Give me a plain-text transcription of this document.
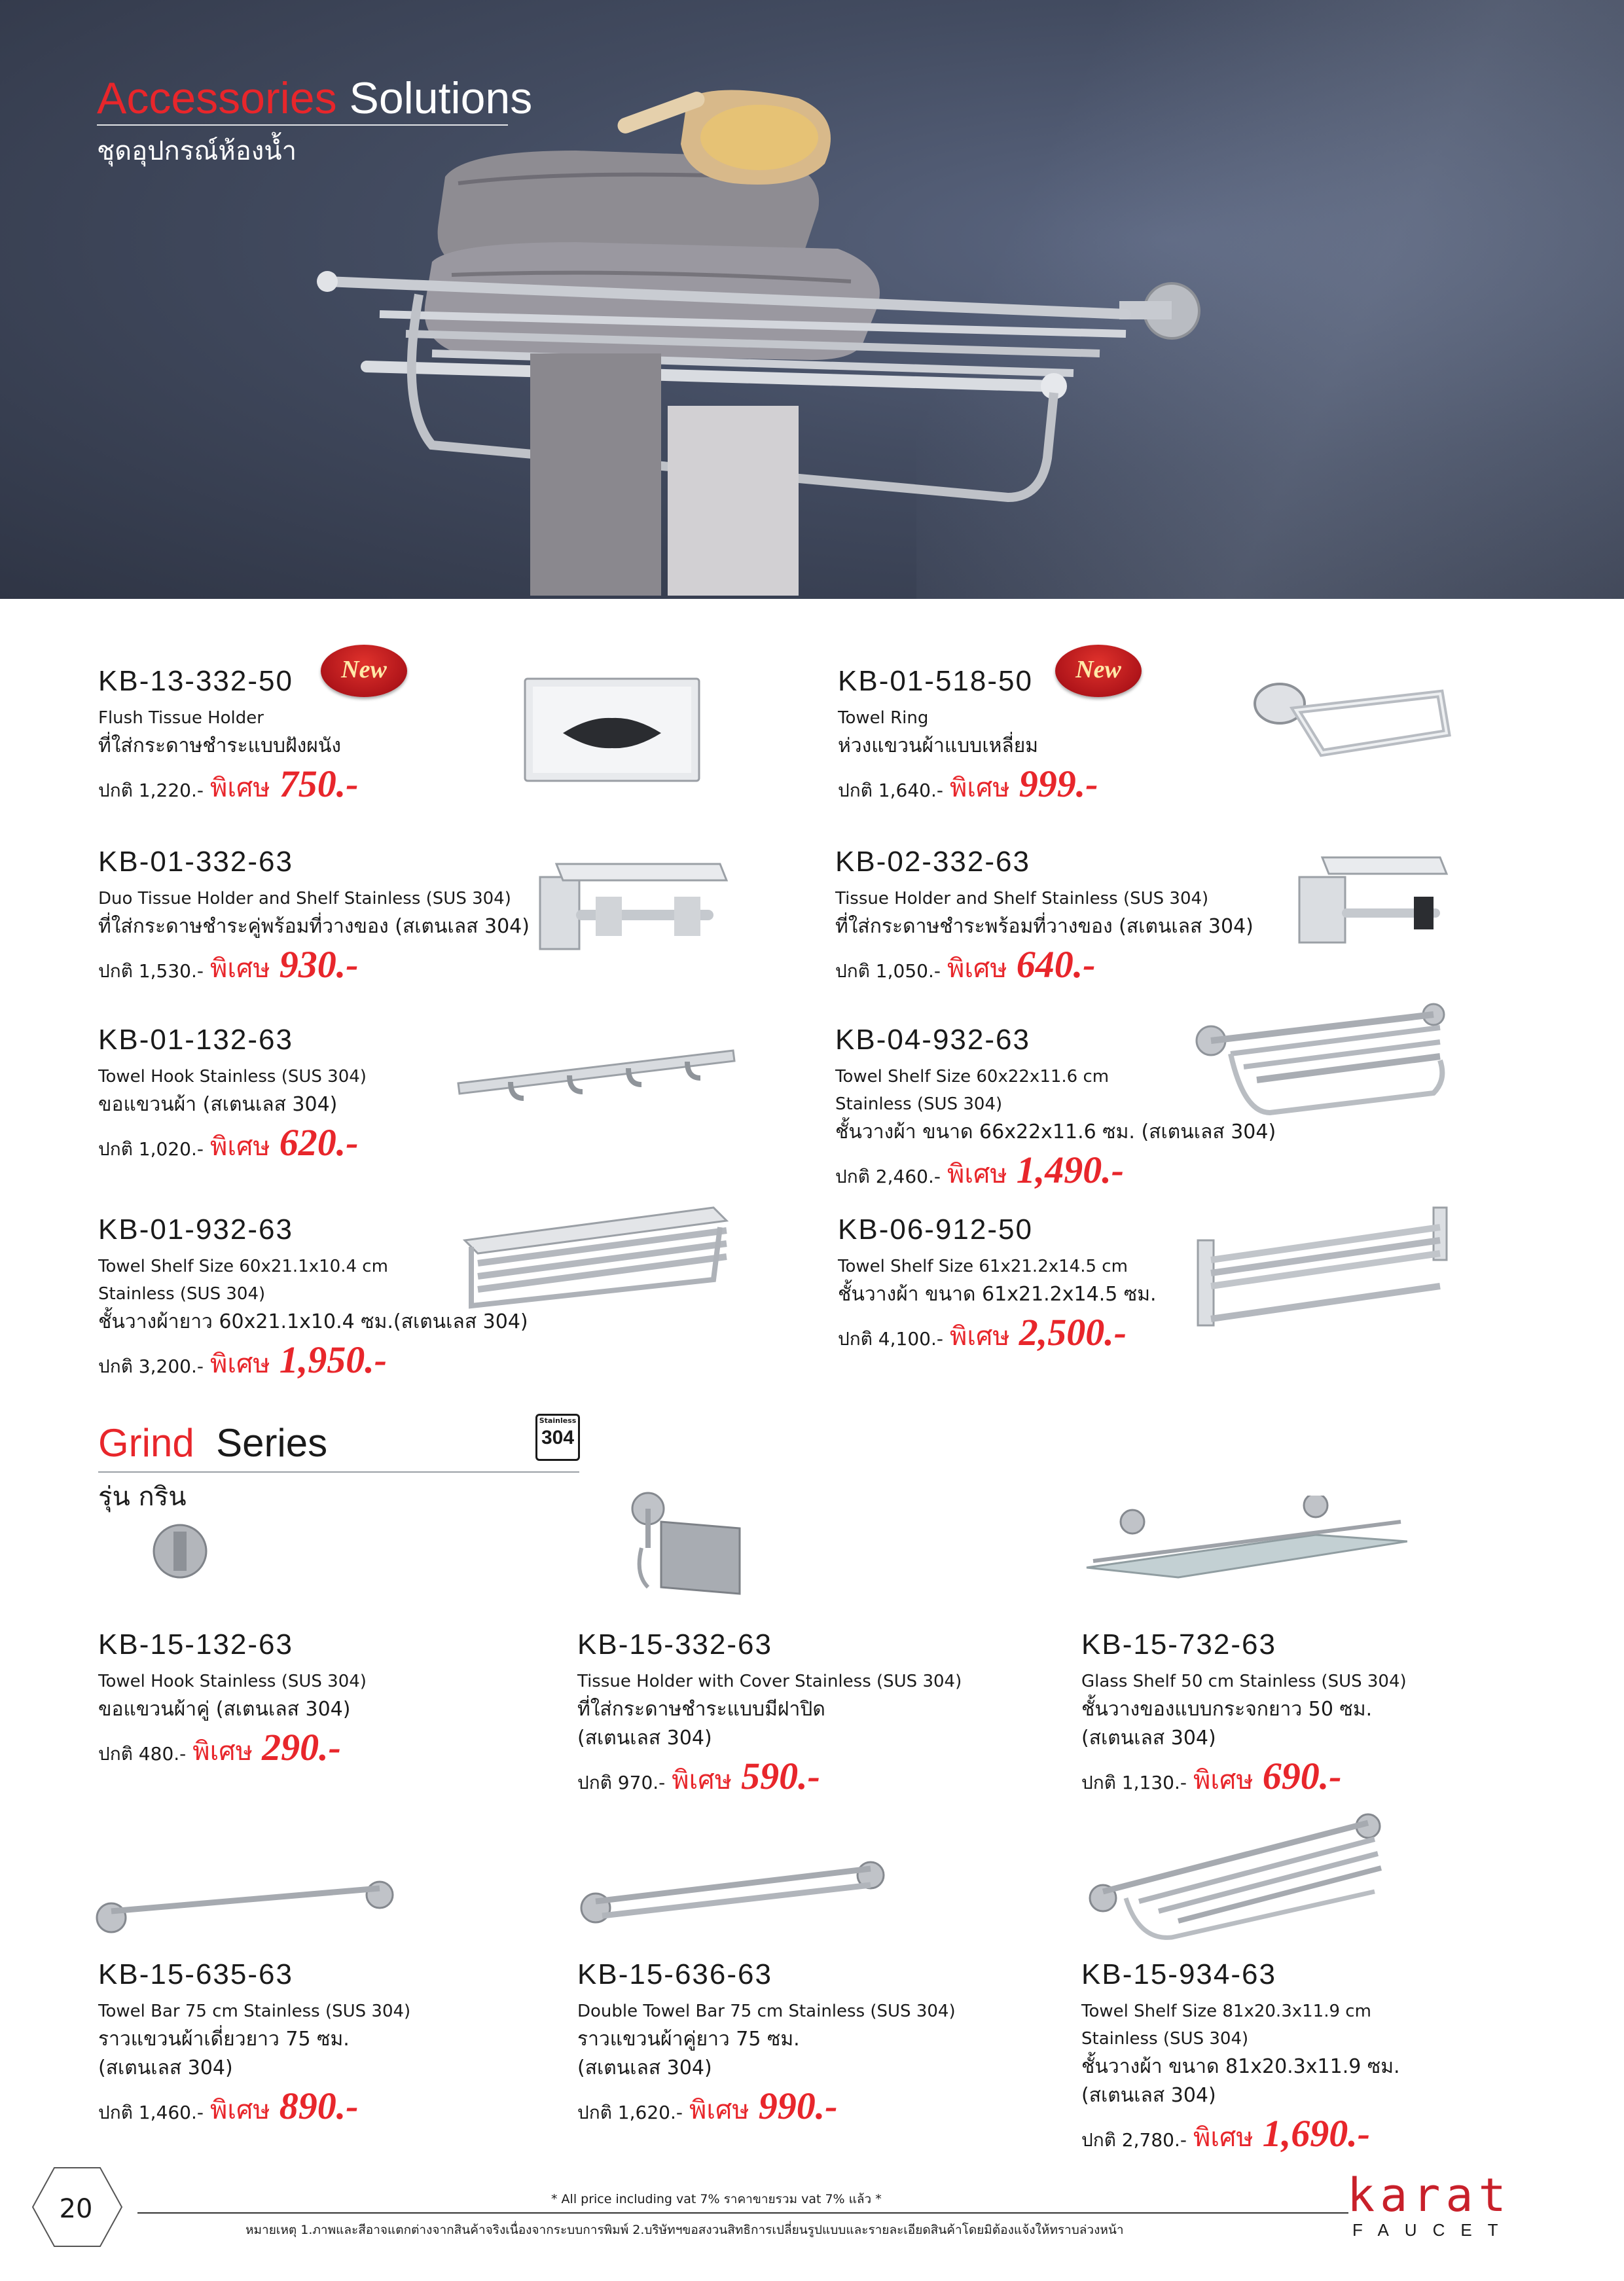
Accessories Solutions
ชุดอุปกรณ์ห้องน้ำ
KB-13-332-50
Flush Tissue Holder
ที่ใส่กระดาษชำระแบบฝังผนัง
ปกติ 1,220.- พิเศษ 750.-
New	KB-01-518-50
Towel Ring
ห่วงแขวนผ้าแบบเหลี่ยม
ปกติ 1,640.- พิเศษ 999.-
New
KB-01-332-63
Duo Tissue Holder and Shelf Stainless (SUS 304)
ที่ใส่กระดาษชำระคู่พร้อมที่วางของ (สเตนเลส 304)
ปกติ 1,530.- พิเศษ 930.-
KB-02-332-63
Tissue Holder and Shelf Stainless (SUS 304)
ที่ใส่กระดาษชำระพร้อมที่วางของ (สเตนเลส 304)
ปกติ 1,050.- พิเศษ 640.-
KB-01-132-63
Towel Hook Stainless (SUS 304)
ขอแขวนผ้า (สเตนเลส 304)
ปกติ 1,020.- พิเศษ 620.-
KB-04-932-63
Towel Shelf Size 60x22x11.6 cm
Stainless (SUS 304)
ชั้นวางผ้า ขนาด 66x22x11.6 ซม. (สเตนเลส 304)
ปกติ 2,460.- พิเศษ 1,490.-
KB-01-932-63
Towel Shelf Size 60x21.1x10.4 cm
Stainless (SUS 304)
ชั้นวางผ้ายาว 60x21.1x10.4 ซม.(สเตนเลส 304)
ปกติ 3,200.- พิเศษ 1,950.-
KB-06-912-50
Towel Shelf Size 61x21.2x14.5 cm
ชั้นวางผ้า ขนาด 61x21.2x14.5 ซม.
ปกติ 4,100.- พิเศษ 2,500.-
Grind Series
Stainless
304
รุ่น กริน
KB-15-132-63
Towel Hook Stainless (SUS 304)
ขอแขวนผ้าคู่ (สเตนเลส 304)
ปกติ 480.- พิเศษ 290.-
KB-15-332-63
Tissue Holder with Cover Stainless (SUS 304)
ที่ใส่กระดาษชำระแบบมีฝาปิด
(สเตนเลส 304)
ปกติ 970.- พิเศษ 590.-
KB-15-732-63
Glass Shelf 50 cm Stainless (SUS 304)
ชั้นวางของแบบกระจกยาว 50 ซม.
(สเตนเลส 304)
ปกติ 1,130.- พิเศษ 690.-
KB-15-635-63
Towel Bar 75 cm Stainless (SUS 304)
ราวแขวนผ้าเดี่ยวยาว 75 ซม.
(สเตนเลส 304)
ปกติ 1,460.- พิเศษ 890.-
KB-15-636-63
Double Towel Bar 75 cm Stainless (SUS 304)
ราวแขวนผ้าคู่ยาว 75 ซม.
(สเตนเลส 304)
ปกติ 1,620.- พิเศษ 990.-
KB-15-934-63
Towel Shelf Size 81x20.3x11.9 cm
Stainless (SUS 304)
ชั้นวางผ้า ขนาด 81x20.3x11.9 ซม.
(สเตนเลส 304)
ปกติ 2,780.- พิเศษ 1,690.-
20	* All price including vat 7% ราคาขายรวม vat 7% แล้ว *
หมายเหตุ 1.ภาพและสีอาจแตกต่างจากสินค้าจริงเนื่องจากระบบการพิมพ์ 2.บริษัทฯขอสงวนสิทธิการเปลี่ยนรูปแบบและรายละเอียดสินค้าโดยมิต้องแจ้งให้ทราบล่วงหน้า
karat
FAUCET
